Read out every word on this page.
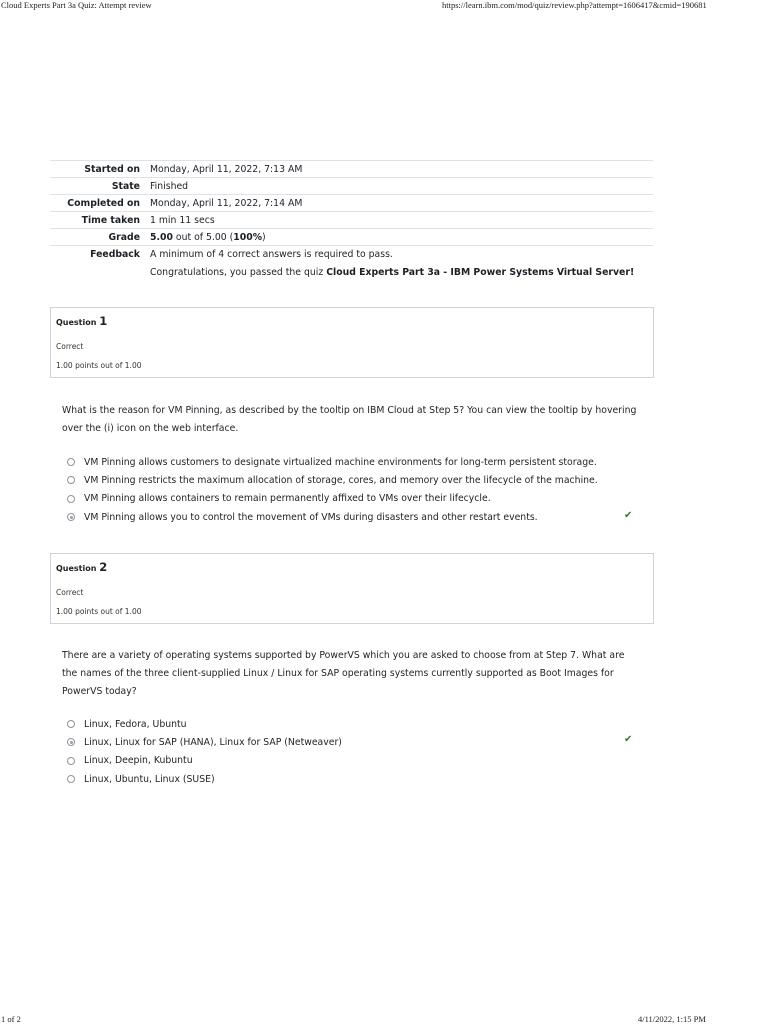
Cloud Experts Part 3a Quiz: Attempt review	https://learn.ibm.com/mod/quiz/review.php?attempt=1606417&cmid=190681
Started on	Monday, April 11, 2022, 7:13 AM
State	Finished
Completed on	Monday, April 11, 2022, 7:14 AM
Time taken	1 min 11 secs
Grade	5.00 out of 5.00 (100%)
Feedback	A minimum of 4 correct answers is required to pass.

Congratulations, you passed the quiz Cloud Experts Part 3a - IBM Power Systems Virtual Server!

Question 1
Correct
1.00 points out of 1.00
What is the reason for VM Pinning, as described by the tooltip on IBM Cloud at Step 5? You can view the tooltip by hovering over the (i) icon on the web interface.
VM Pinning allows customers to designate virtualized machine environments for long-term persistent storage.
VM Pinning restricts the maximum allocation of storage, cores, and memory over the lifecycle of the machine.
VM Pinning allows containers to remain permanently affixed to VMs over their lifecycle.
VM Pinning allows you to control the movement of VMs during disasters and other restart events.	✔
Question 2
Correct
1.00 points out of 1.00
There are a variety of operating systems supported by PowerVS which you are asked to choose from at Step 7. What are the names of the three client-supplied Linux / Linux for SAP operating systems currently supported as Boot Images for PowerVS today?
Linux, Fedora, Ubuntu
Linux, Linux for SAP (HANA), Linux for SAP (Netweaver)	✔
Linux, Deepin, Kubuntu
Linux, Ubuntu, Linux (SUSE)
1 of 2	4/11/2022, 1:15 PM
